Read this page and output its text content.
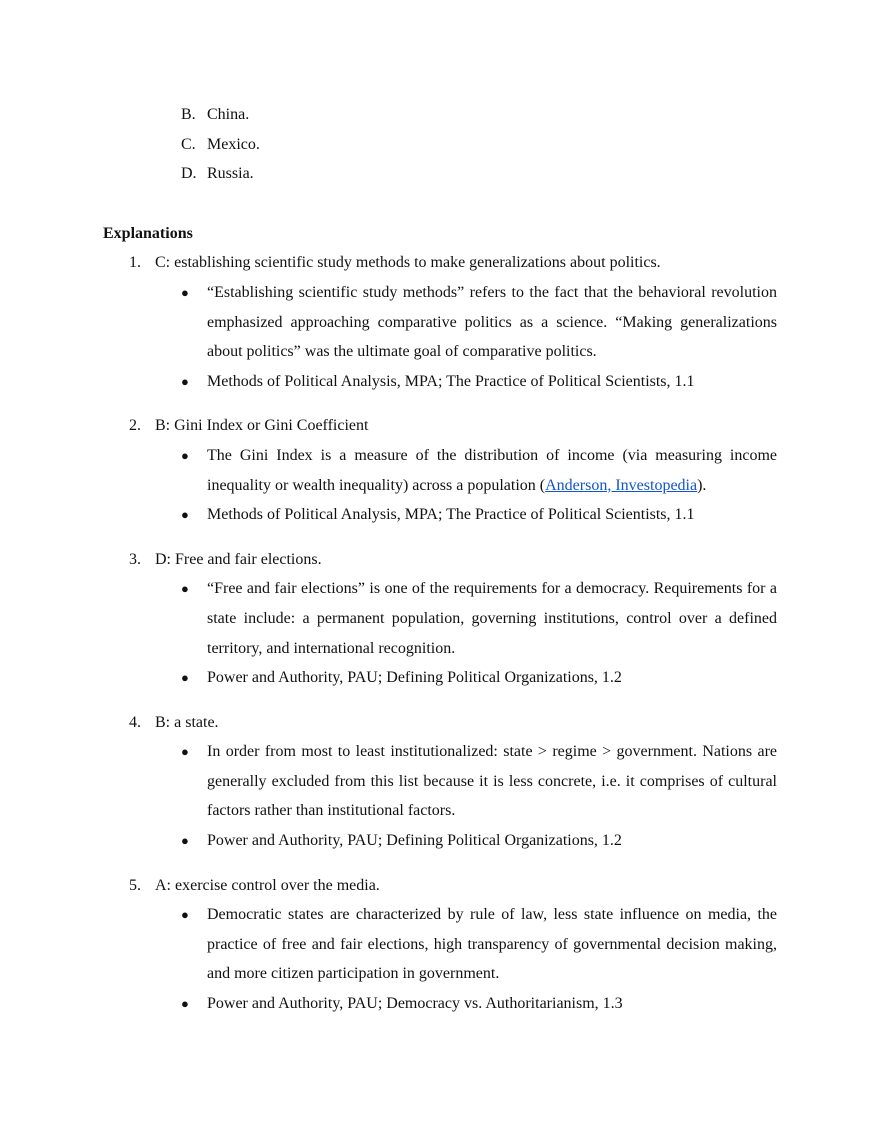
B. China.
C. Mexico.
D. Russia.
Explanations
1. C: establishing scientific study methods to make generalizations about politics.
●	“Establishing scientific study methods” refers to the fact that the behavioral revolution emphasized approaching comparative politics as a science. “Making generalizations about politics” was the ultimate goal of comparative politics.
●	Methods of Political Analysis, MPA; The Practice of Political Scientists, 1.1
2. B: Gini Index or Gini Coefficient
●	The Gini Index is a measure of the distribution of income (via measuring income inequality or wealth inequality) across a population (Anderson, Investopedia).
●	Methods of Political Analysis, MPA; The Practice of Political Scientists, 1.1
3. D: Free and fair elections.
●	“Free and fair elections” is one of the requirements for a democracy. Requirements for a state include: a permanent population, governing institutions, control over a defined territory, and international recognition.
●	Power and Authority, PAU; Defining Political Organizations, 1.2
4. B: a state.
●	In order from most to least institutionalized: state > regime > government. Nations are generally excluded from this list because it is less concrete, i.e. it comprises of cultural factors rather than institutional factors.
●	Power and Authority, PAU; Defining Political Organizations, 1.2
5. A: exercise control over the media.
●	Democratic states are characterized by rule of law, less state influence on media, the practice of free and fair elections, high transparency of governmental decision making, and more citizen participation in government.
●	Power and Authority, PAU; Democracy vs. Authoritarianism, 1.3
